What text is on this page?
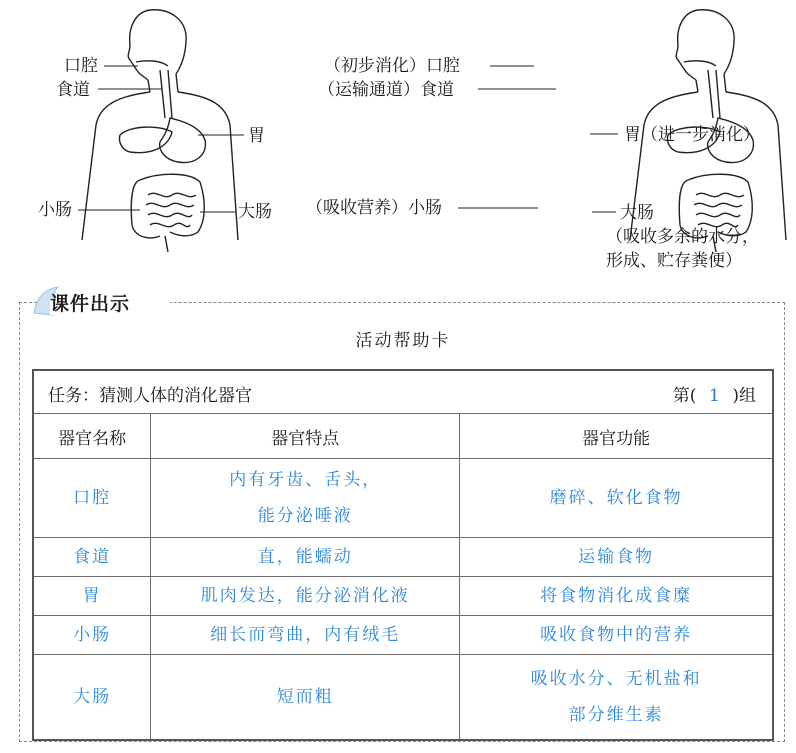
口腔
食道
胃
小肠	大肠
（初步消化）口腔
（运输通道）食道
胃（进一步消化）
（吸收营养）小肠	大肠
（吸收多余的水分，
形成、贮存粪便）
课件出示
活动帮助卡
任务：猜测人体的消化器官 第( 1 )组		

器官名称	器官特点	器官功能
口腔	内有牙齿、舌头，
能分泌唾液	磨碎、软化食物

食道	直，能蠕动	运输食物

胃	肌肉发达，能分泌消化液	将食物消化成食糜

小肠	细长而弯曲，内有绒毛	吸收食物中的营养

大肠	短而粗	吸收水分、无机盐和
部分维生素
